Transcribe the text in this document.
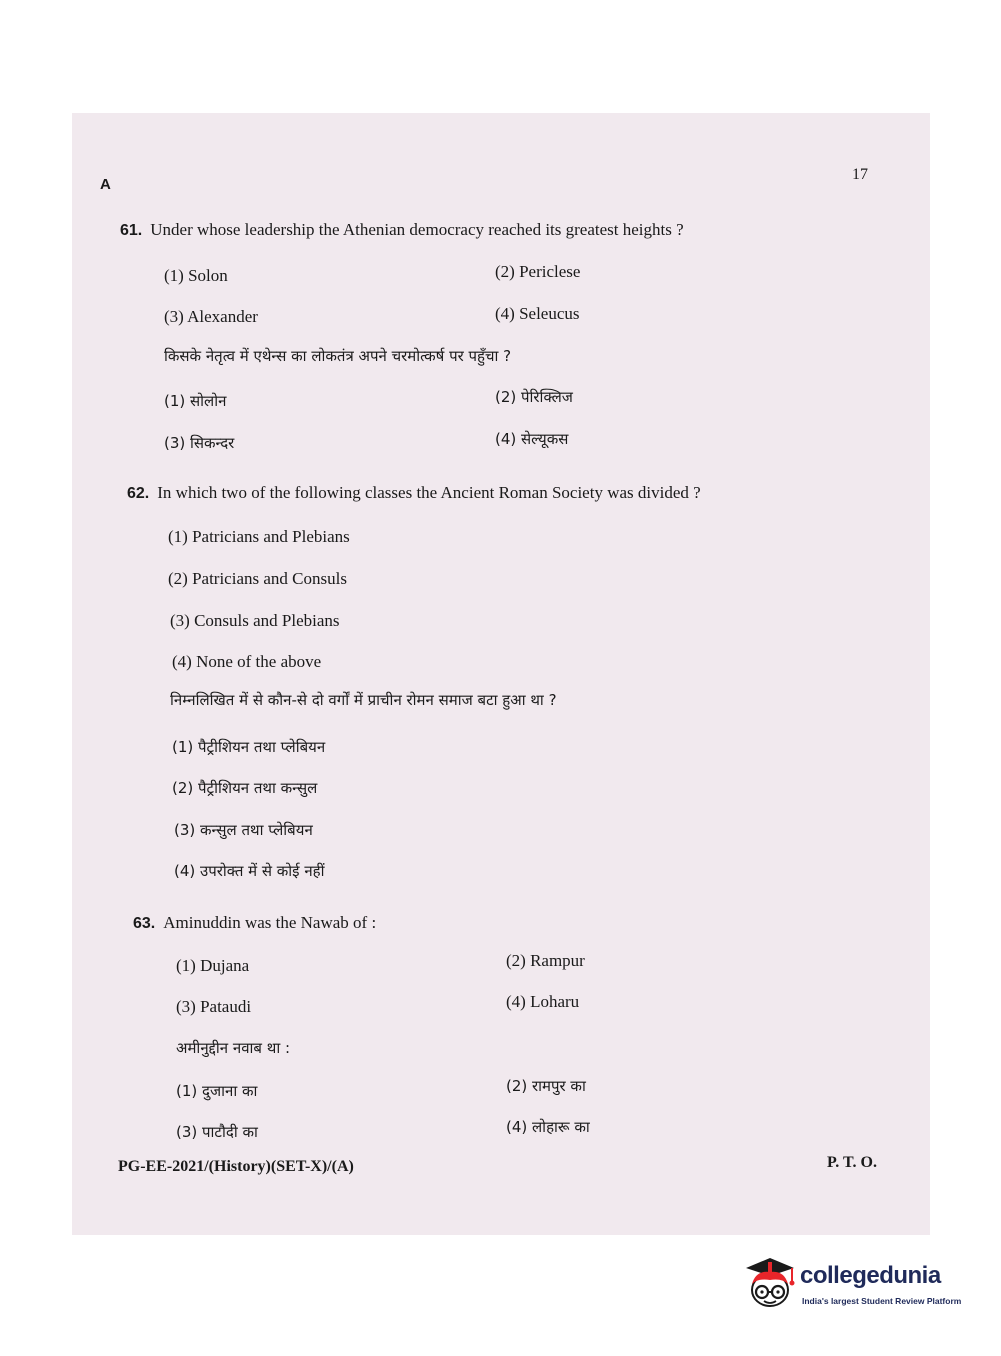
A
17
61. Under whose leadership the Athenian democracy reached its greatest heights ?
(1) Solon	(2) Periclese
(3) Alexander	(4) Seleucus
किसके नेतृत्व में एथेन्स का लोकतंत्र अपने चरमोत्कर्ष पर पहुँचा ?
(1) सोलोन	(2) पेरिक्लिज
(3) सिकन्दर	(4) सेल्यूकस
62. In which two of the following classes the Ancient Roman Society was divided ?
(1) Patricians and Plebians
(2) Patricians and Consuls
(3) Consuls and Plebians
(4) None of the above
निम्नलिखित में से कौन-से दो वर्गों में प्राचीन रोमन समाज बटा हुआ था ?
(1) पैट्रीशियन तथा प्लेबियन
(2) पैट्रीशियन तथा कन्सुल
(3) कन्सुल तथा प्लेबियन
(4) उपरोक्त में से कोई नहीं
63. Aminuddin was the Nawab of :
(1) Dujana	(2) Rampur
(3) Pataudi	(4) Loharu
अमीनुद्दीन नवाब था :
(1) दुजाना का	(2) रामपुर का
(3) पाटौदी का	(4) लोहारू का
PG-EE-2021/(History)(SET-X)/(A)	P. T. O.
collegedunia
India's largest Student Review Platform
